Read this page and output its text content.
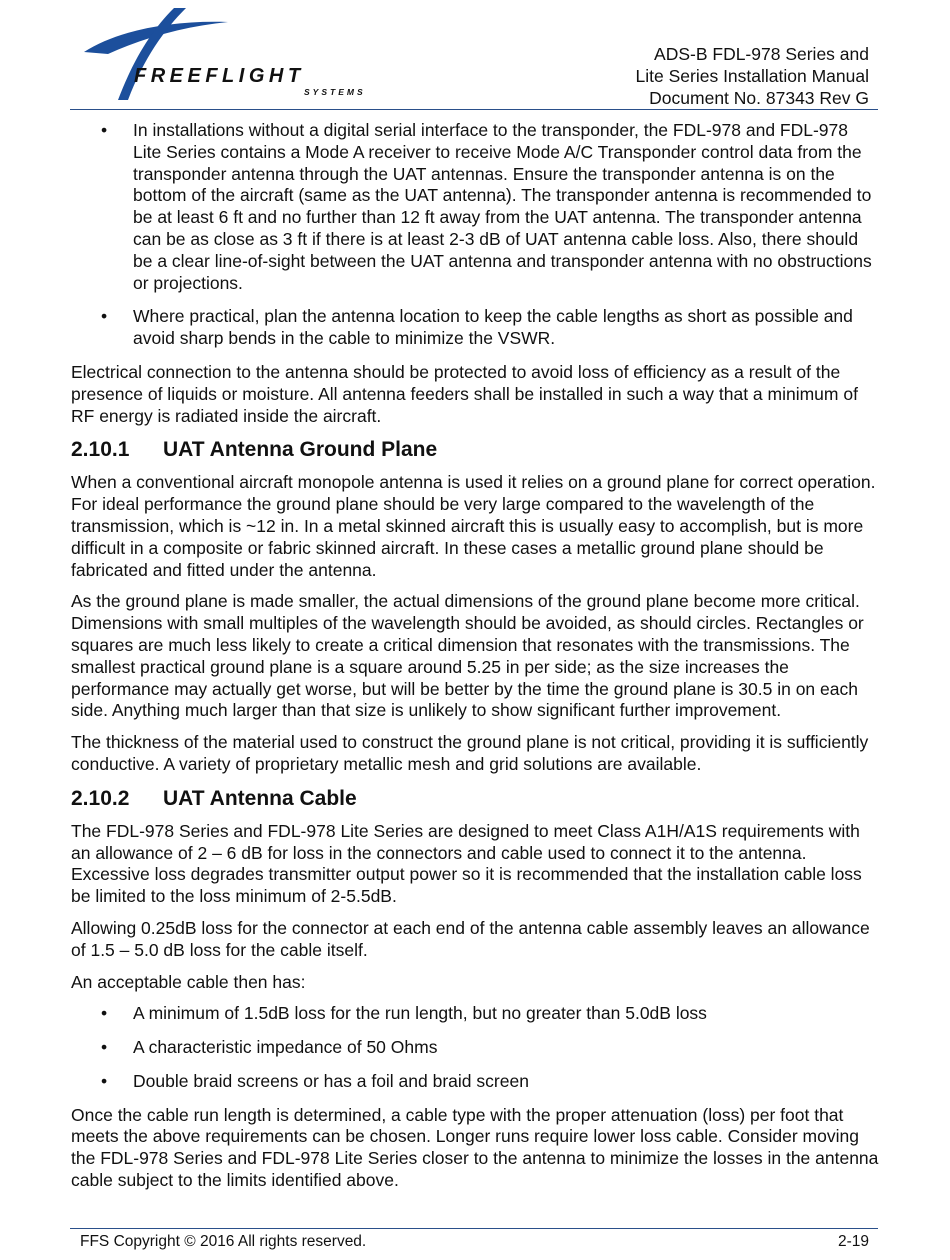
FREEFLIGHT
SYSTEMS
ADS-B FDL-978 Series and
Lite Series Installation Manual
Document No. 87343 Rev G
• In installations without a digital serial interface to the transponder, the FDL-978 and FDL-978 Lite Series contains a Mode A receiver to receive Mode A/C Transponder control data from the transponder antenna through the UAT antennas. Ensure the transponder antenna is on the bottom of the aircraft (same as the UAT antenna). The transponder antenna is recommended to be at least 6 ft and no further than 12 ft away from the UAT antenna. The transponder antenna can be as close as 3 ft if there is at least 2-3 dB of UAT antenna cable loss. Also, there should be a clear line-of-sight between the UAT antenna and transponder antenna with no obstructions or projections.
• Where practical, plan the antenna location to keep the cable lengths as short as possible and avoid sharp bends in the cable to minimize the VSWR.

Electrical connection to the antenna should be protected to avoid loss of efficiency as a result of the presence of liquids or moisture. All antenna feeders shall be installed in such a way that a minimum of RF energy is radiated inside the aircraft.

2.10.1 UAT Antenna Ground Plane

When a conventional aircraft monopole antenna is used it relies on a ground plane for correct operation. For ideal performance the ground plane should be very large compared to the wavelength of the transmission, which is ~12 in. In a metal skinned aircraft this is usually easy to accomplish, but is more difficult in a composite or fabric skinned aircraft. In these cases a metallic ground plane should be fabricated and fitted under the antenna.

As the ground plane is made smaller, the actual dimensions of the ground plane become more critical. Dimensions with small multiples of the wavelength should be avoided, as should circles. Rectangles or squares are much less likely to create a critical dimension that resonates with the transmissions. The smallest practical ground plane is a square around 5.25 in per side; as the size increases the performance may actually get worse, but will be better by the time the ground plane is 30.5 in on each side. Anything much larger than that size is unlikely to show significant further improvement.

The thickness of the material used to construct the ground plane is not critical, providing it is sufficiently conductive. A variety of proprietary metallic mesh and grid solutions are available.

2.10.2 UAT Antenna Cable

The FDL-978 Series and FDL-978 Lite Series are designed to meet Class A1H/A1S requirements with an allowance of 2 – 6 dB for loss in the connectors and cable used to connect it to the antenna. Excessive loss degrades transmitter output power so it is recommended that the installation cable loss be limited to the loss minimum of 2-5.5dB.

Allowing 0.25dB loss for the connector at each end of the antenna cable assembly leaves an allowance of 1.5 – 5.0 dB loss for the cable itself.

An acceptable cable then has:

• A minimum of 1.5dB loss for the run length, but no greater than 5.0dB loss
• A characteristic impedance of 50 Ohms
• Double braid screens or has a foil and braid screen

Once the cable run length is determined, a cable type with the proper attenuation (loss) per foot that meets the above requirements can be chosen. Longer runs require lower loss cable. Consider moving the FDL-978 Series and FDL-978 Lite Series closer to the antenna to minimize the losses in the antenna cable subject to the limits identified above.

FFS Copyright © 2016 All rights reserved.	2-19
